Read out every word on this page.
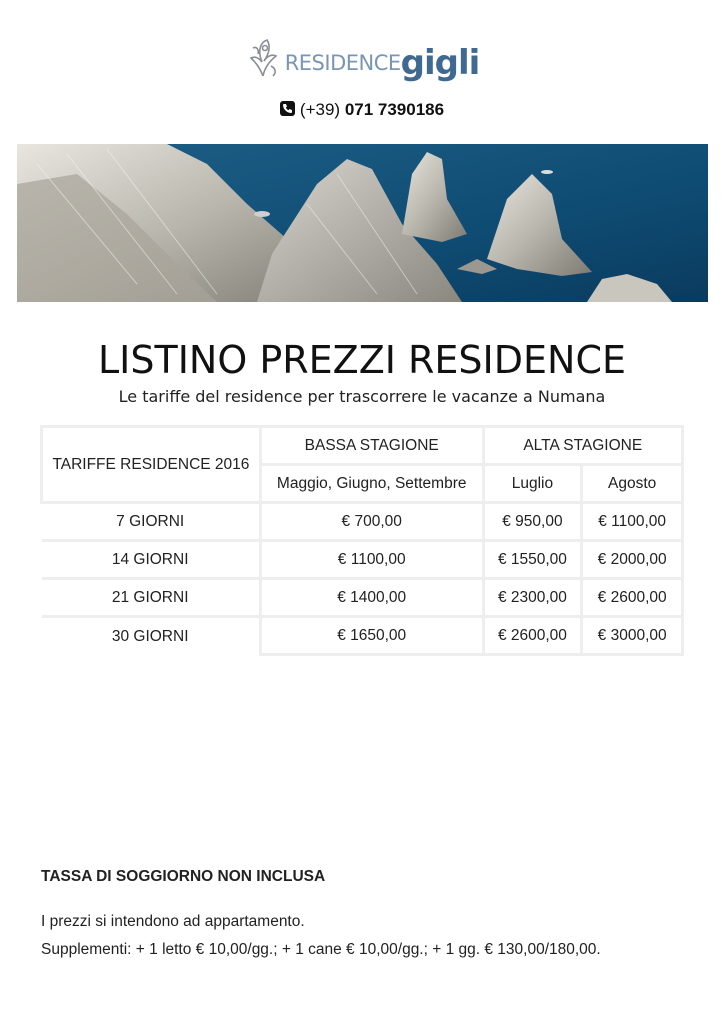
RESIDENCE gigli
(+39) 071 7390186
LISTINO PREZZI RESIDENCE
Le tariffe del residence per trascorrere le vacanze a Numana
TARIFFE RESIDENCE 2016	BASSA STAGIONE	ALTA STAGIONE	
	Maggio, Giugno, Settembre	Luglio	Agosto
7 GIORNI	€ 700,00	€ 950,00	€ 1100,00
14 GIORNI	€ 1100,00	€ 1550,00	€ 2000,00
21 GIORNI	€ 1400,00	€ 2300,00	€ 2600,00
30 GIORNI	€ 1650,00	€ 2600,00	€ 3000,00
TASSA DI SOGGIORNO NON INCLUSA

I prezzi si intendono ad appartamento.

Supplementi: + 1 letto € 10,00/gg.; + 1 cane € 10,00/gg.; + 1 gg. € 130,00/180,00.
